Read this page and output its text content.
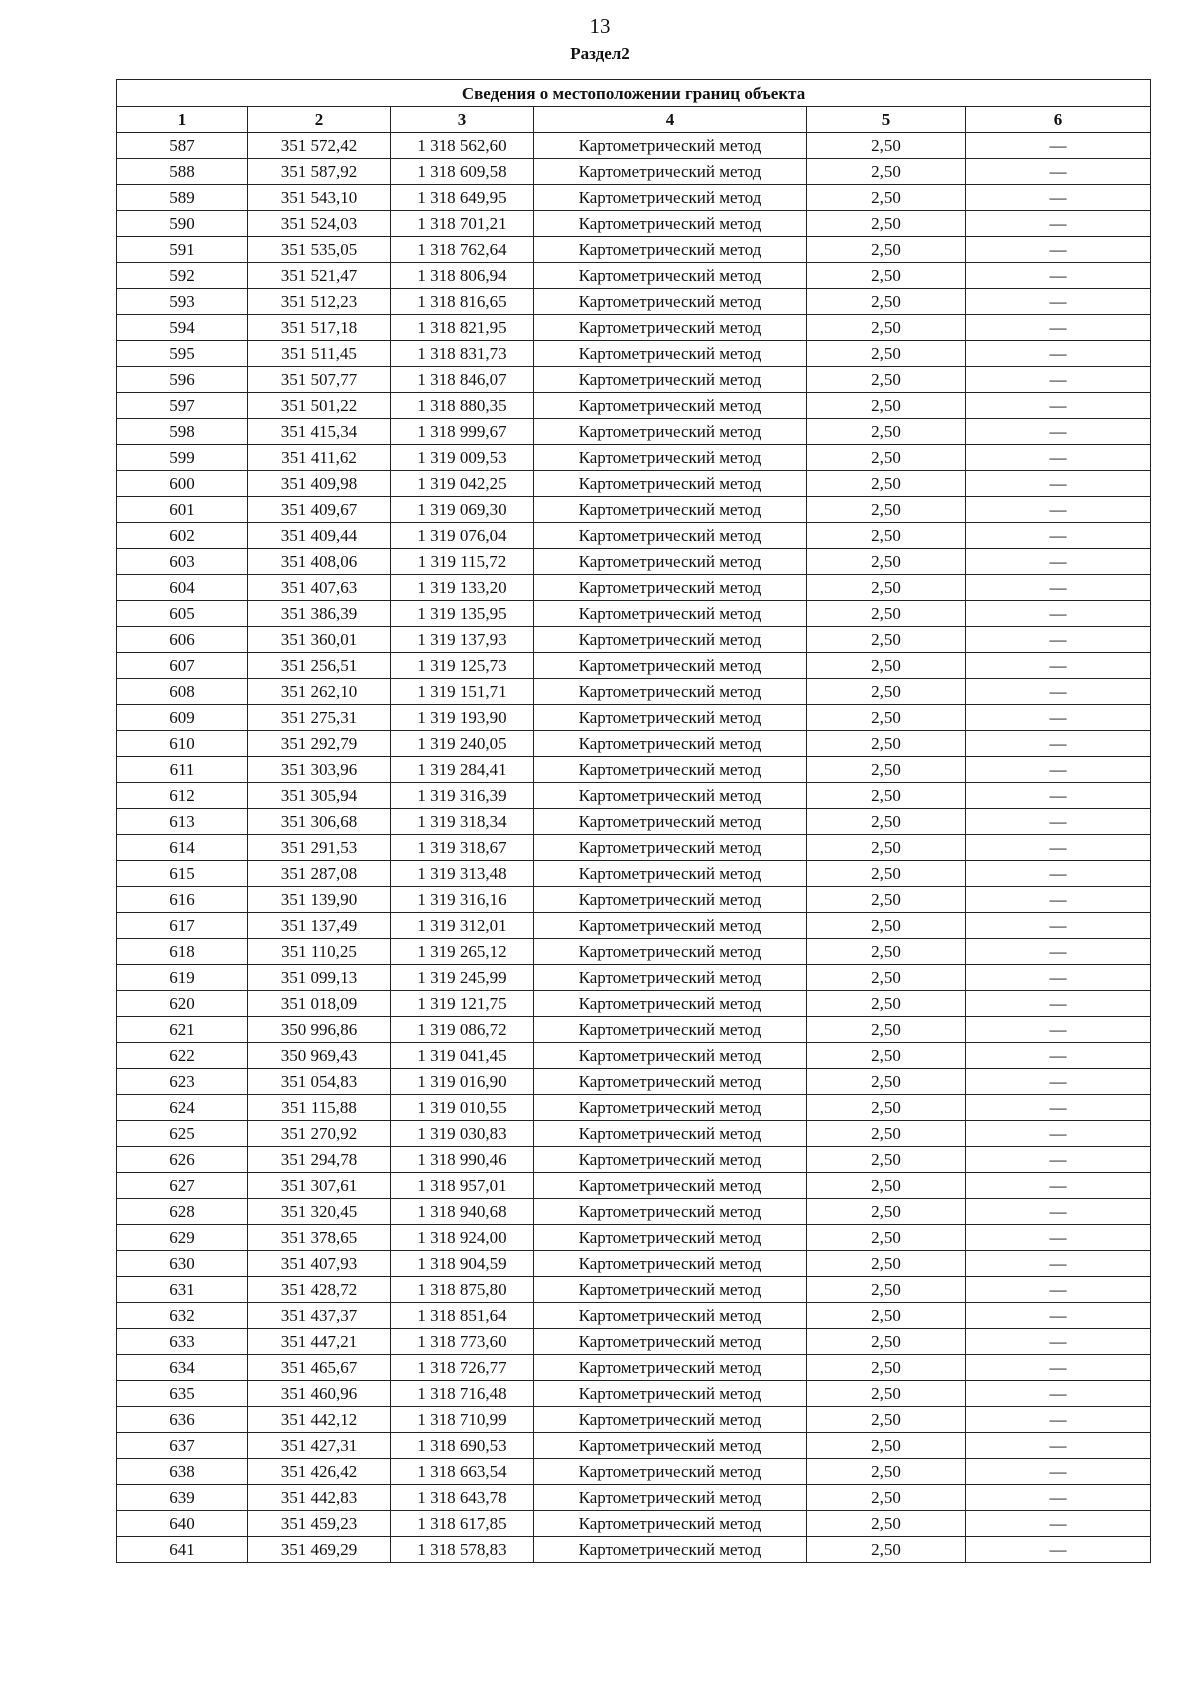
13
Раздел2
Сведения о местоположении границ объекта					
1	2	3	4	5	6
587	351 572,42	1 318 562,60	Картометрический метод	2,50	—
588	351 587,92	1 318 609,58	Картометрический метод	2,50	—
589	351 543,10	1 318 649,95	Картометрический метод	2,50	—
590	351 524,03	1 318 701,21	Картометрический метод	2,50	—
591	351 535,05	1 318 762,64	Картометрический метод	2,50	—
592	351 521,47	1 318 806,94	Картометрический метод	2,50	—
593	351 512,23	1 318 816,65	Картометрический метод	2,50	—
594	351 517,18	1 318 821,95	Картометрический метод	2,50	—
595	351 511,45	1 318 831,73	Картометрический метод	2,50	—
596	351 507,77	1 318 846,07	Картометрический метод	2,50	—
597	351 501,22	1 318 880,35	Картометрический метод	2,50	—
598	351 415,34	1 318 999,67	Картометрический метод	2,50	—
599	351 411,62	1 319 009,53	Картометрический метод	2,50	—
600	351 409,98	1 319 042,25	Картометрический метод	2,50	—
601	351 409,67	1 319 069,30	Картометрический метод	2,50	—
602	351 409,44	1 319 076,04	Картометрический метод	2,50	—
603	351 408,06	1 319 115,72	Картометрический метод	2,50	—
604	351 407,63	1 319 133,20	Картометрический метод	2,50	—
605	351 386,39	1 319 135,95	Картометрический метод	2,50	—
606	351 360,01	1 319 137,93	Картометрический метод	2,50	—
607	351 256,51	1 319 125,73	Картометрический метод	2,50	—
608	351 262,10	1 319 151,71	Картометрический метод	2,50	—
609	351 275,31	1 319 193,90	Картометрический метод	2,50	—
610	351 292,79	1 319 240,05	Картометрический метод	2,50	—
611	351 303,96	1 319 284,41	Картометрический метод	2,50	—
612	351 305,94	1 319 316,39	Картометрический метод	2,50	—
613	351 306,68	1 319 318,34	Картометрический метод	2,50	—
614	351 291,53	1 319 318,67	Картометрический метод	2,50	—
615	351 287,08	1 319 313,48	Картометрический метод	2,50	—
616	351 139,90	1 319 316,16	Картометрический метод	2,50	—
617	351 137,49	1 319 312,01	Картометрический метод	2,50	—
618	351 110,25	1 319 265,12	Картометрический метод	2,50	—
619	351 099,13	1 319 245,99	Картометрический метод	2,50	—
620	351 018,09	1 319 121,75	Картометрический метод	2,50	—
621	350 996,86	1 319 086,72	Картометрический метод	2,50	—
622	350 969,43	1 319 041,45	Картометрический метод	2,50	—
623	351 054,83	1 319 016,90	Картометрический метод	2,50	—
624	351 115,88	1 319 010,55	Картометрический метод	2,50	—
625	351 270,92	1 319 030,83	Картометрический метод	2,50	—
626	351 294,78	1 318 990,46	Картометрический метод	2,50	—
627	351 307,61	1 318 957,01	Картометрический метод	2,50	—
628	351 320,45	1 318 940,68	Картометрический метод	2,50	—
629	351 378,65	1 318 924,00	Картометрический метод	2,50	—
630	351 407,93	1 318 904,59	Картометрический метод	2,50	—
631	351 428,72	1 318 875,80	Картометрический метод	2,50	—
632	351 437,37	1 318 851,64	Картометрический метод	2,50	—
633	351 447,21	1 318 773,60	Картометрический метод	2,50	—
634	351 465,67	1 318 726,77	Картометрический метод	2,50	—
635	351 460,96	1 318 716,48	Картометрический метод	2,50	—
636	351 442,12	1 318 710,99	Картометрический метод	2,50	—
637	351 427,31	1 318 690,53	Картометрический метод	2,50	—
638	351 426,42	1 318 663,54	Картометрический метод	2,50	—
639	351 442,83	1 318 643,78	Картометрический метод	2,50	—
640	351 459,23	1 318 617,85	Картометрический метод	2,50	—
641	351 469,29	1 318 578,83	Картометрический метод	2,50	—
